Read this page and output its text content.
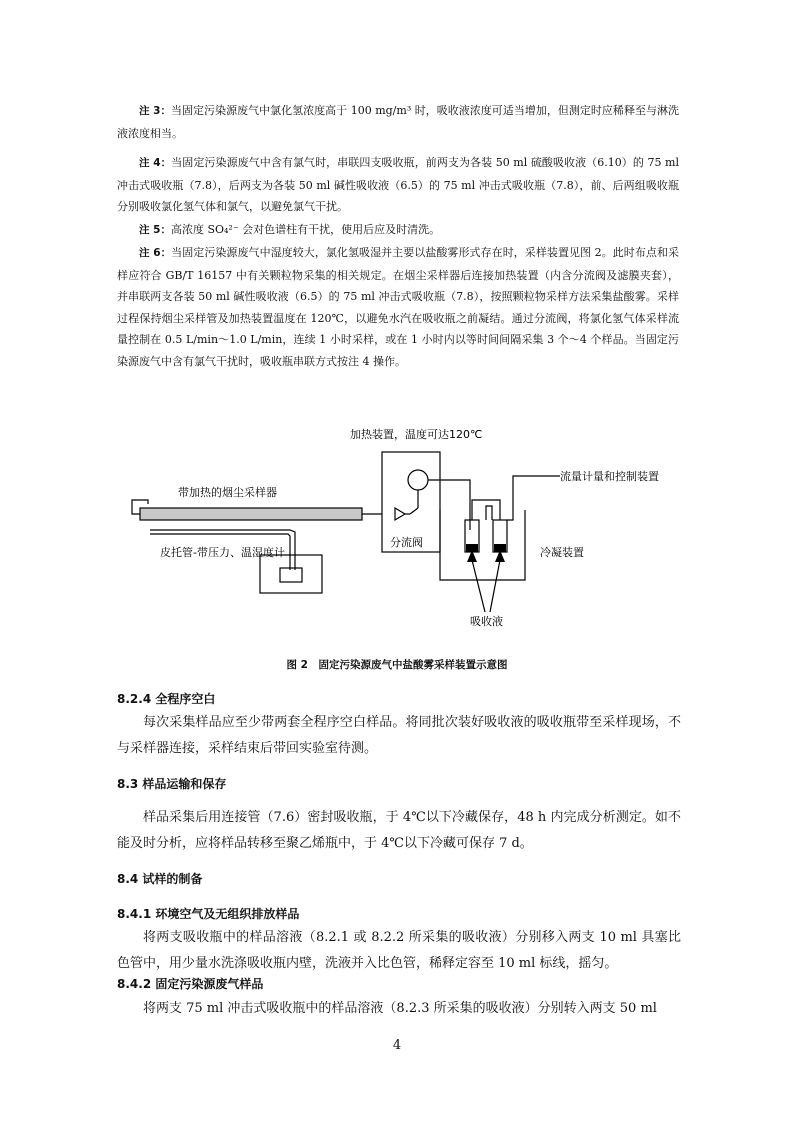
注 3：当固定污染源废气中氯化氢浓度高于 100 mg/m³ 时，吸收液浓度可适当增加，但测定时应稀释至与淋洗液浓度相当。

注 4：当固定污染源废气中含有氯气时，串联四支吸收瓶，前两支为各装 50 ml 硫酸吸收液（6.10）的 75 ml 冲击式吸收瓶（7.8），后两支为各装 50 ml 碱性吸收液（6.5）的 75 ml 冲击式吸收瓶（7.8），前、后两组吸收瓶分别吸收氯化氢气体和氯气，以避免氯气干扰。

注 5：高浓度 SO₄²⁻ 会对色谱柱有干扰，使用后应及时清洗。

注 6：当固定污染源废气中湿度较大，氯化氢吸湿并主要以盐酸雾形式存在时，采样装置见图 2。此时布点和采样应符合 GB/T 16157 中有关颗粒物采集的相关规定。在烟尘采样器后连接加热装置（内含分流阀及滤膜夹套），并串联两支各装 50 ml 碱性吸收液（6.5）的 75 ml 冲击式吸收瓶（7.8），按照颗粒物采样方法采集盐酸雾。采样过程保持烟尘采样管及加热装置温度在 120℃，以避免水汽在吸收瓶之前凝结。通过分流阀，将氯化氢气体采样流量控制在 0.5 L/min～1.0 L/min，连续 1 小时采样，或在 1 小时内以等时间间隔采集 3 个～4 个样品。当固定污染源废气中含有氯气干扰时，吸收瓶串联方式按注 4 操作。

加热装置，温度可达120℃
流量计量和控制装置
带加热的烟尘采样器
皮托管-带压力、温湿度计
分流阀
冷凝装置
吸收液

图 2　固定污染源废气中盐酸雾采样装置示意图

8.2.4 全程序空白

每次采集样品应至少带两套全程序空白样品。将同批次装好吸收液的吸收瓶带至采样现场，不与采样器连接，采样结束后带回实验室待测。

8.3 样品运输和保存

样品采集后用连接管（7.6）密封吸收瓶，于 4℃以下冷藏保存，48 h 内完成分析测定。如不能及时分析，应将样品转移至聚乙烯瓶中，于 4℃以下冷藏可保存 7 d。

8.4 试样的制备

8.4.1 环境空气及无组织排放样品

将两支吸收瓶中的样品溶液（8.2.1 或 8.2.2 所采集的吸收液）分别移入两支 10 ml 具塞比色管中，用少量水洗涤吸收瓶内壁，洗液并入比色管，稀释定容至 10 ml 标线，摇匀。

8.4.2 固定污染源废气样品

将两支 75 ml 冲击式吸收瓶中的样品溶液（8.2.3 所采集的吸收液）分别转入两支 50 ml

4
